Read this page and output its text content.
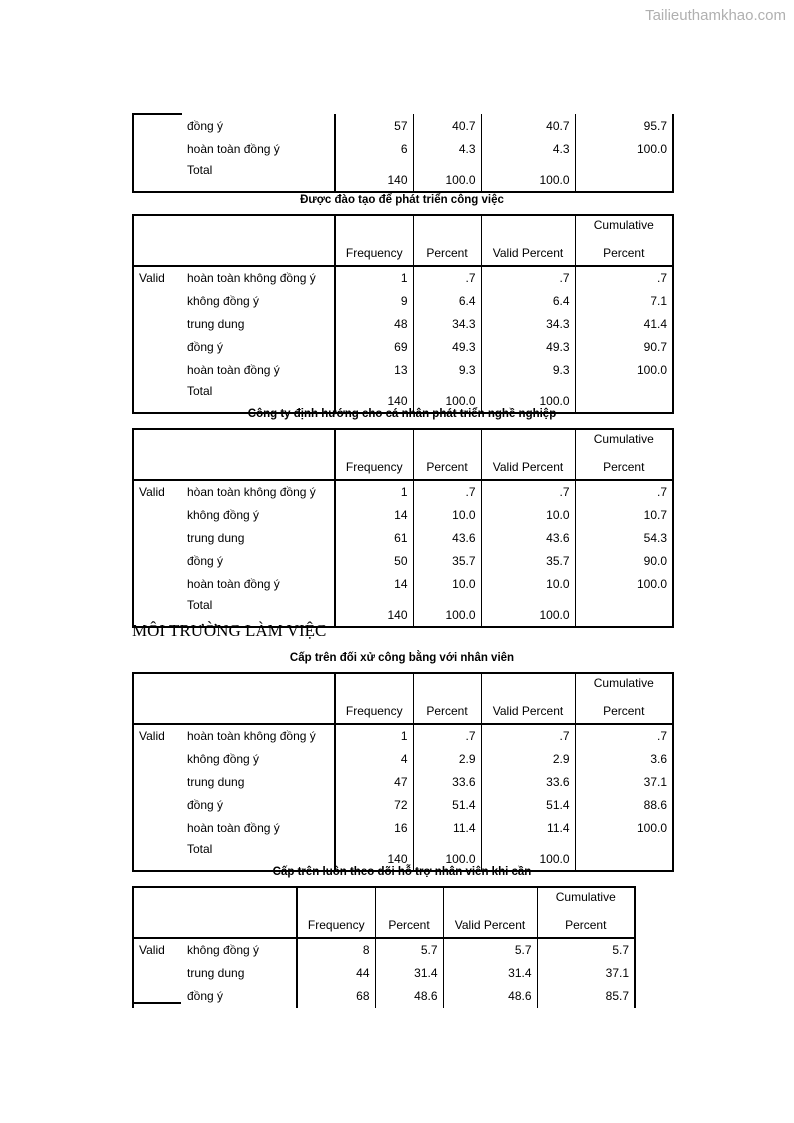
Tailieuthamkhao.com
	đồng ý	57	40.7	40.7	95.7
	hoàn toàn đồng ý	6	4.3	4.3	100.0
	Total	140	100.0	100.0	
Được đào tạo để phát triển công việc
		Frequency	Percent	Valid Percent	Cumulative

Percent
Valid	hoàn toàn không đồng ý	1	.7	.7	.7
	không đồng ý	9	6.4	6.4	7.1
	trung dung	48	34.3	34.3	41.4
	đồng ý	69	49.3	49.3	90.7
	hoàn toàn đồng ý	13	9.3	9.3	100.0
	Total	140	100.0	100.0	
Công ty định hướng cho cá nhân phát triển nghề nghiệp
		Frequency	Percent	Valid Percent	Cumulative

Percent
Valid	hòan toàn không đồng ý	1	.7	.7	.7
	không đồng ý	14	10.0	10.0	10.7
	trung dung	61	43.6	43.6	54.3
	đồng ý	50	35.7	35.7	90.0
	hoàn toàn đồng ý	14	10.0	10.0	100.0
	Total	140	100.0	100.0	
MÔI TRƯỜNG LÀM VIỆC
Cấp trên đối xử công bằng với nhân viên
		Frequency	Percent	Valid Percent	Cumulative

Percent
Valid	hoàn toàn không đồng ý	1	.7	.7	.7
	không đồng ý	4	2.9	2.9	3.6
	trung dung	47	33.6	33.6	37.1
	đồng ý	72	51.4	51.4	88.6
	hoàn toàn đồng ý	16	11.4	11.4	100.0
	Total	140	100.0	100.0	
Cấp trên luôn theo dõi hỗ trợ nhân viên khi cần
		Frequency	Percent	Valid Percent	Cumulative

Percent
Valid	không đồng ý	8	5.7	5.7	5.7
	trung dung	44	31.4	31.4	37.1
	đồng ý	68	48.6	48.6	85.7
